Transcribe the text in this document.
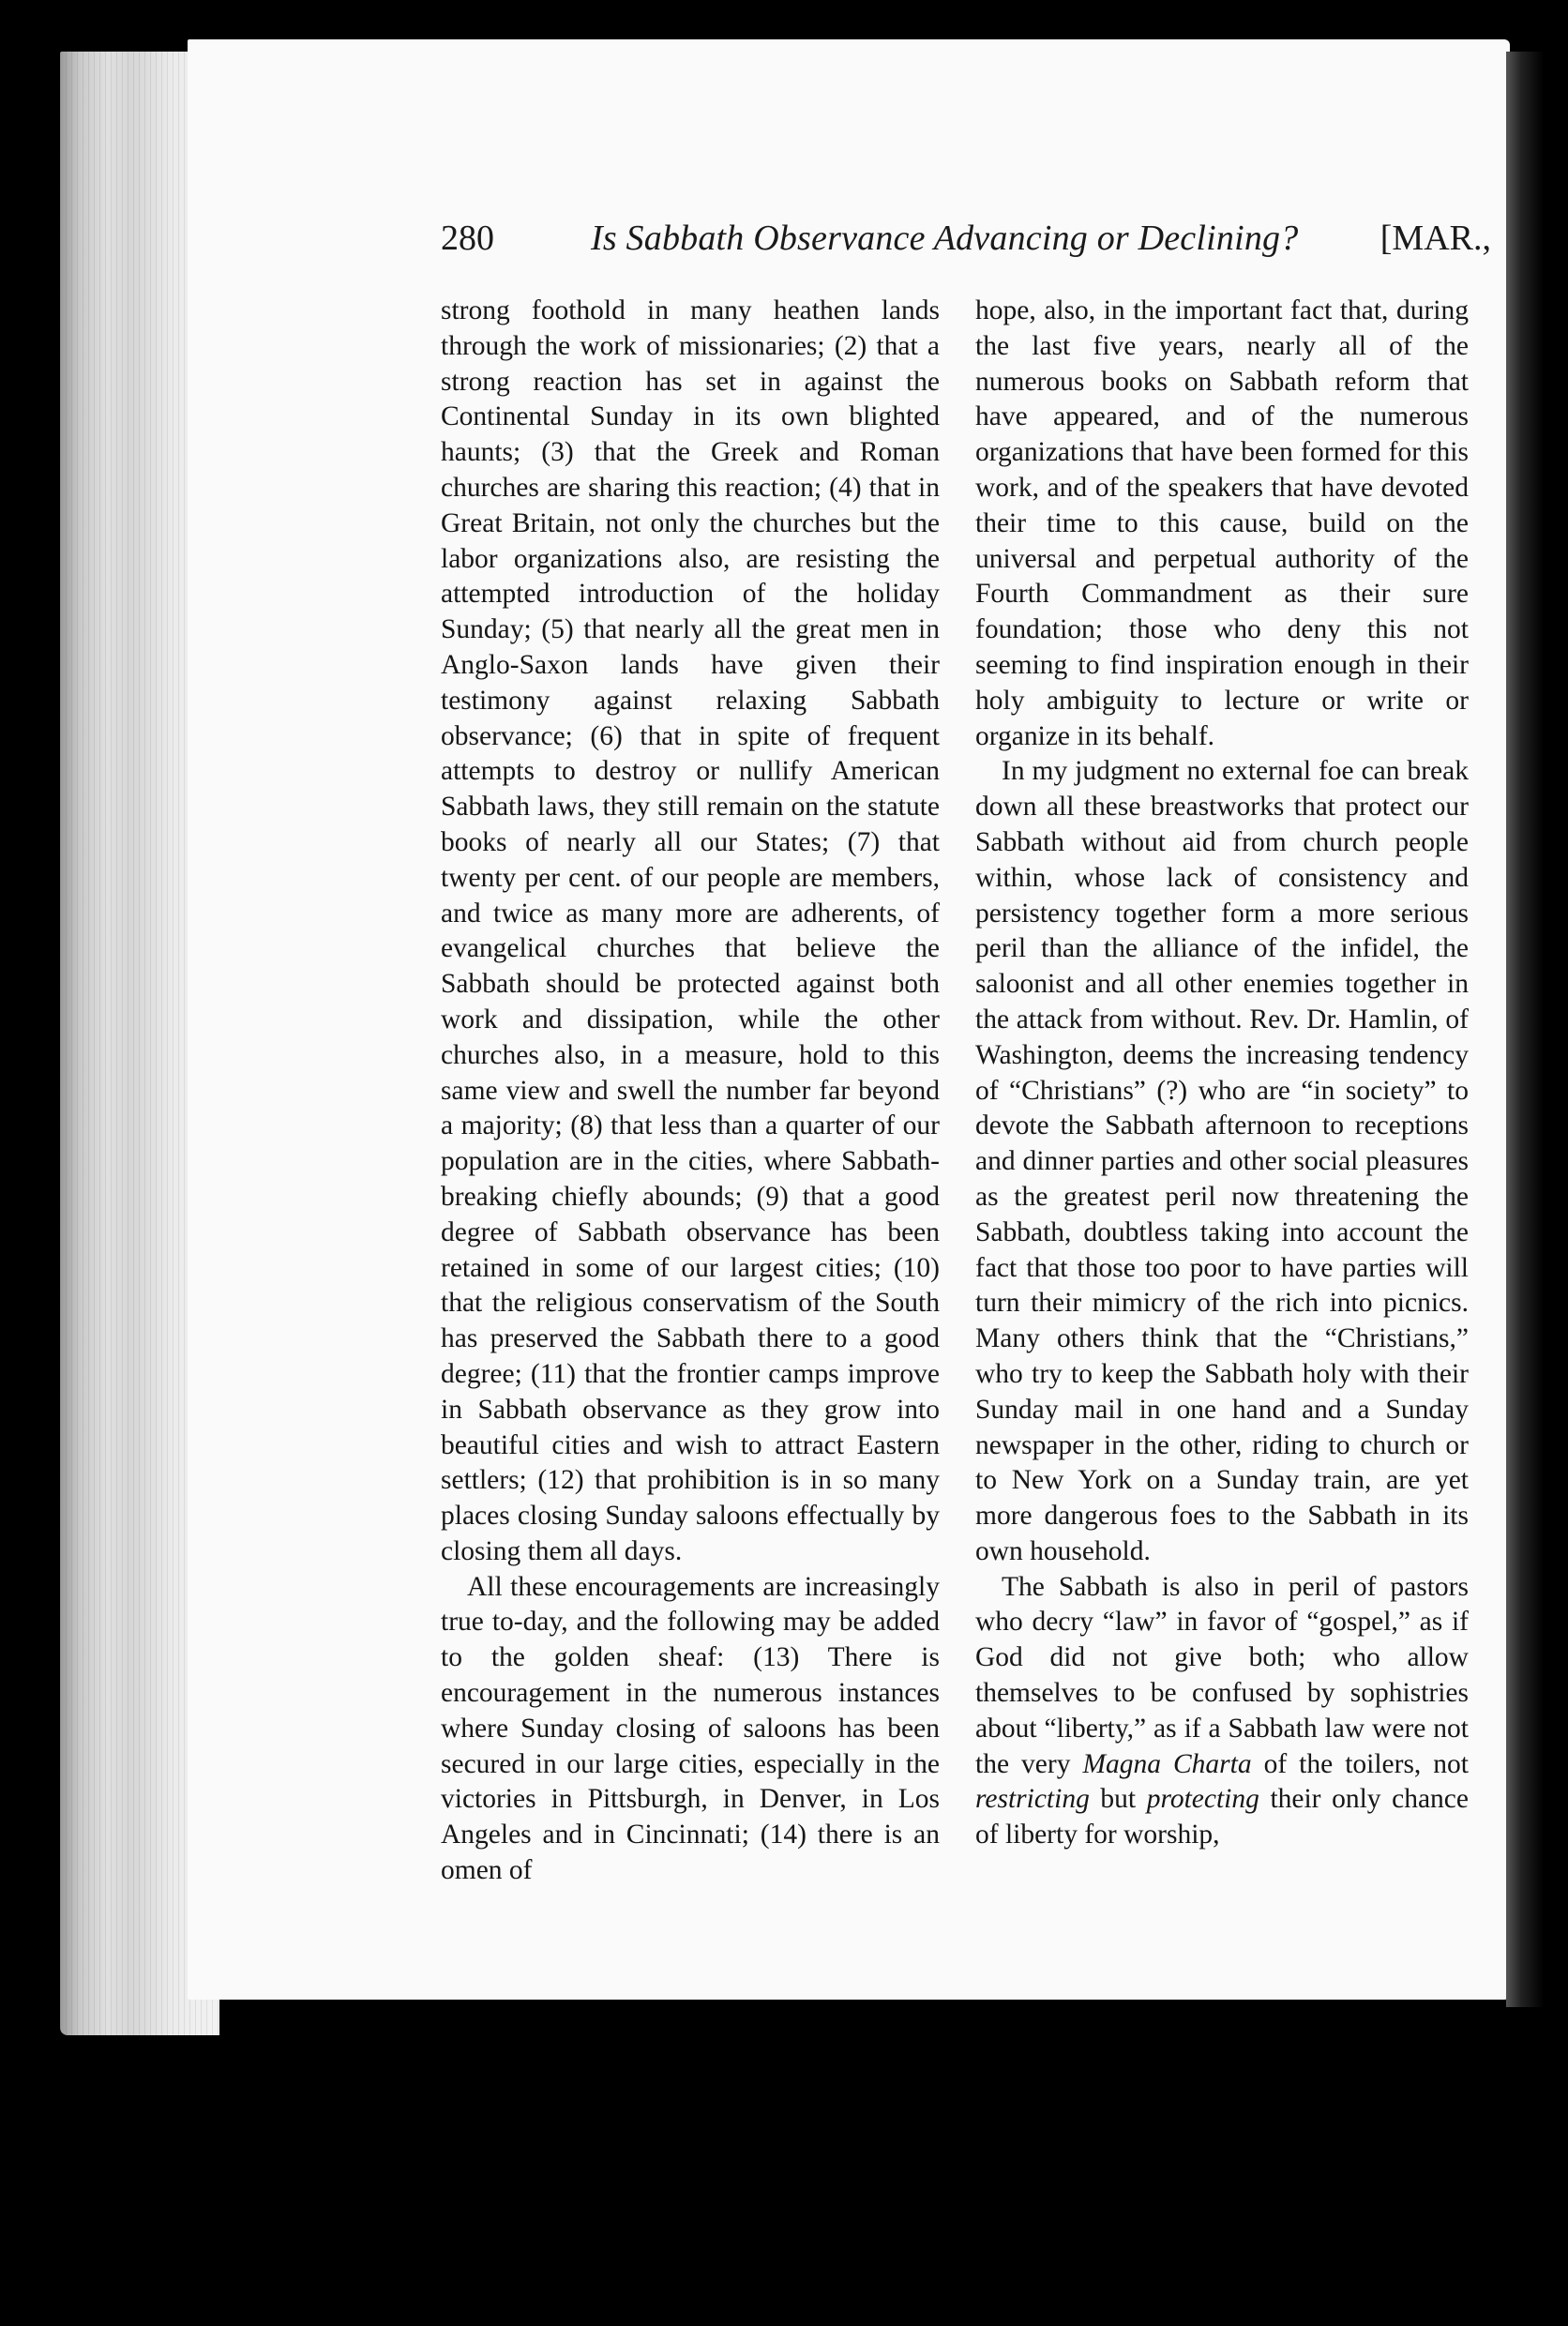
280	Is Sabbath Observance Advancing or Declining? [MAR.,

strong foothold in many heathen lands through the work of missionaries; (2) that a strong reaction has set in against the Continental Sunday in its own blighted haunts; (3) that the Greek and Roman churches are sharing this reaction; (4) that in Great Britain, not only the churches but the labor organizations also, are resisting the attempted introduction of the holiday Sunday; (5) that nearly all the great men in Anglo-Saxon lands have given their testimony against relaxing Sabbath observance; (6) that in spite of frequent attempts to destroy or nullify American Sabbath laws, they still remain on the statute books of nearly all our States; (7) that twenty per cent. of our people are members, and twice as many more are adherents, of evangelical churches that believe the Sabbath should be protected against both work and dissipation, while the other churches also, in a measure, hold to this same view and swell the number far beyond a majority; (8) that less than a quarter of our population are in the cities, where Sabbath-breaking chiefly abounds; (9) that a good degree of Sabbath observance has been retained in some of our largest cities; (10) that the religious conservatism of the South has preserved the Sabbath there to a good degree; (11) that the frontier camps improve in Sabbath observance as they grow into beautiful cities and wish to attract Eastern settlers; (12) that prohibition is in so many places closing Sunday saloons effectually by closing them all days.

All these encouragements are increasingly true to-day, and the following may be added to the golden sheaf: (13) There is encouragement in the numerous instances where Sunday closing of saloons has been secured in our large cities, especially in the victories in Pittsburgh, in Denver, in Los Angeles and in Cincinnati; (14) there is an omen of

hope, also, in the important fact that, during the last five years, nearly all of the numerous books on Sabbath reform that have appeared, and of the numerous organizations that have been formed for this work, and of the speakers that have devoted their time to this cause, build on the universal and perpetual authority of the Fourth Commandment as their sure foundation; those who deny this not seeming to find inspiration enough in their holy ambiguity to lecture or write or organize in its behalf.

In my judgment no external foe can break down all these breastworks that protect our Sabbath without aid from church people within, whose lack of consistency and persistency together form a more serious peril than the alliance of the infidel, the saloonist and all other enemies together in the attack from without. Rev. Dr. Hamlin, of Washington, deems the increasing tendency of “Christians” (?) who are “in society” to devote the Sabbath afternoon to receptions and dinner parties and other social pleasures as the greatest peril now threatening the Sabbath, doubtless taking into account the fact that those too poor to have parties will turn their mimicry of the rich into picnics. Many others think that the “Christians,” who try to keep the Sabbath holy with their Sunday mail in one hand and a Sunday newspaper in the other, riding to church or to New York on a Sunday train, are yet more dangerous foes to the Sabbath in its own household.

The Sabbath is also in peril of pastors who decry “law” in favor of “gospel,” as if God did not give both; who allow themselves to be confused by sophistries about “liberty,” as if a Sabbath law were not the very Magna Charta of the toilers, not restricting but protecting their only chance of liberty for worship,
